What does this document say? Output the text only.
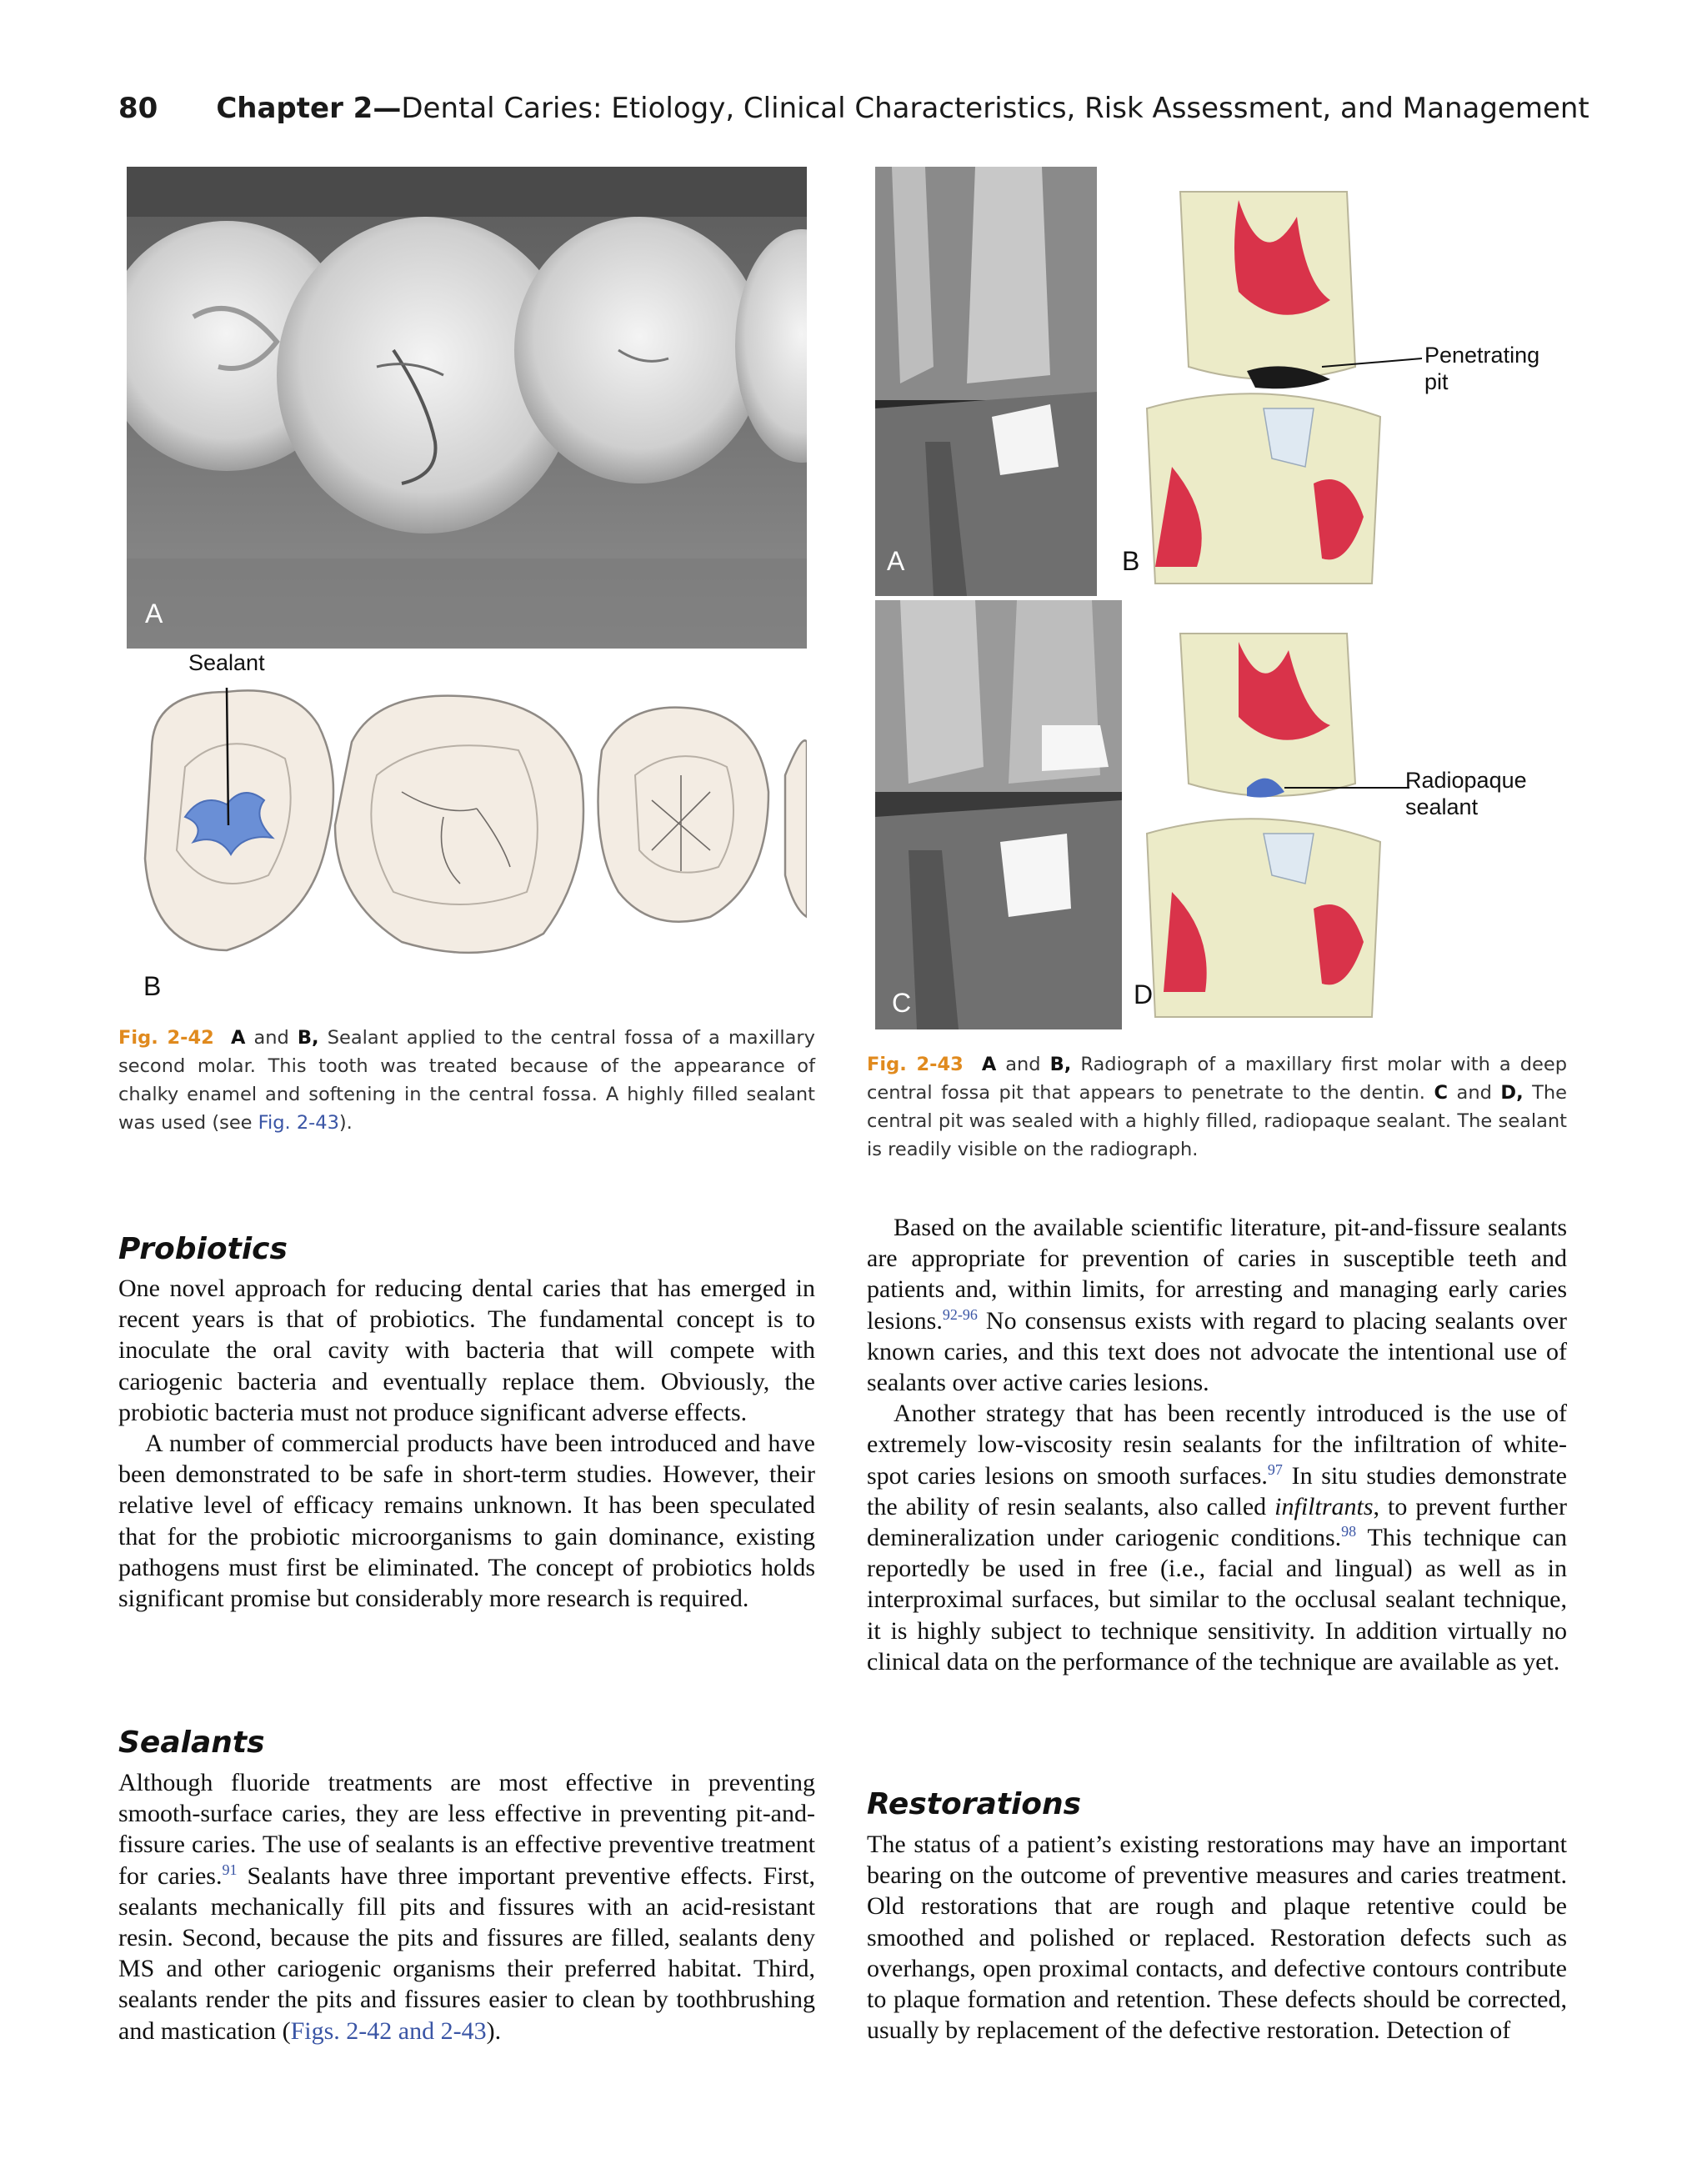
80 Chapter 2—Dental Caries: Etiology, Clinical Characteristics, Risk Assessment, and Management
A
Sealant
B
Fig. 2-42 A and B, Sealant applied to the central fossa of a maxillary second molar. This tooth was treated because of the appearance of chalky enamel and softening in the central fossa. A highly filled sealant was used (see Fig. 2-43).
A
Penetrating
pit
B
C
Radiopaque
sealant
D
Fig. 2-43 A and B, Radiograph of a maxillary first molar with a deep central fossa pit that appears to penetrate to the dentin. C and D, The central pit was sealed with a highly filled, radiopaque sealant. The sealant is readily visible on the radiograph.
Probiotics

One novel approach for reducing dental caries that has emerged in recent years is that of probiotics. The fundamental concept is to inoculate the oral cavity with bacteria that will compete with cariogenic bacteria and eventually replace them. Obviously, the probiotic bacteria must not produce significant adverse effects.

A number of commercial products have been introduced and have been demonstrated to be safe in short-term studies. However, their relative level of efficacy remains unknown. It has been speculated that for the probiotic microorganisms to gain dominance, existing pathogens must first be eliminated. The concept of probiotics holds significant promise but considerably more research is required.

Sealants

Although fluoride treatments are most effective in preventing smooth-surface caries, they are less effective in preventing pit-and-fissure caries. The use of sealants is an effective preventive treatment for caries.$^{91}$ Sealants have three important preventive effects. First, sealants mechanically fill pits and fissures with an acid-resistant resin. Second, because the pits and fissures are filled, sealants deny MS and other cariogenic organisms their preferred habitat. Third, sealants render the pits and fissures easier to clean by toothbrushing and mastication (Figs. 2-42 and 2-43).

Based on the available scientific literature, pit-and-fissure sealants are appropriate for prevention of caries in susceptible teeth and patients and, within limits, for arresting and managing early caries lesions.$^{92-96}$ No consensus exists with regard to placing sealants over known caries, and this text does not advocate the intentional use of sealants over active caries lesions.

Another strategy that has been recently introduced is the use of extremely low-viscosity resin sealants for the infiltration of white-spot caries lesions on smooth surfaces.$^{97}$ In situ studies demonstrate the ability of resin sealants, also called infiltrants, to prevent further demineralization under cariogenic conditions.$^{98}$ This technique can reportedly be used in free (i.e., facial and lingual) as well as in interproximal surfaces, but similar to the occlusal sealant technique, it is highly subject to technique sensitivity. In addition virtually no clinical data on the performance of the technique are available as yet.

Restorations

The status of a patient’s existing restorations may have an important bearing on the outcome of preventive measures and caries treatment. Old restorations that are rough and plaque retentive could be smoothed and polished or replaced. Restoration defects such as overhangs, open proximal contacts, and defective contours contribute to plaque formation and retention. These defects should be corrected, usually by replacement of the defective restoration. Detection of
